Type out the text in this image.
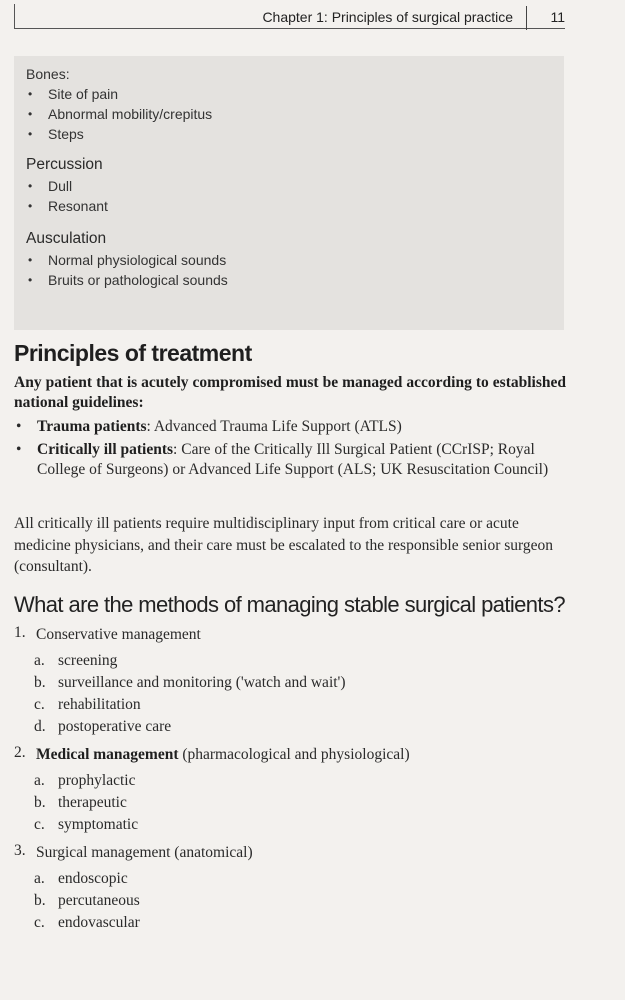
Chapter 1: Principles of surgical practice	11

Bones:

• Site of pain
• Abnormal mobility/crepitus
• Steps

Percussion

• Dull
• Resonant

Ausculation

• Normal physiological sounds
• Bruits or pathological sounds
Principles of treatment

Any patient that is acutely compromised must be managed according to established national guidelines:

• Trauma patients: Advanced Trauma Life Support (ATLS)
• Critically ill patients: Care of the Critically Ill Surgical Patient (CCrISP; Royal College of Surgeons) or Advanced Life Support (ALS; UK Resuscitation Council)

All critically ill patients require multidisciplinary input from critical care or acute medicine physicians, and their care must be escalated to the responsible senior surgeon (consultant).

What are the methods of managing stable surgical patients?
1. Conservative management
a. screening
b. surveillance and monitoring ('watch and wait')
c. rehabilitation
d. postoperative care
2. Medical management (pharmacological and physiological)
a. prophylactic
b. therapeutic
c. symptomatic
3. Surgical management (anatomical)
a. endoscopic
b. percutaneous
c. endovascular
